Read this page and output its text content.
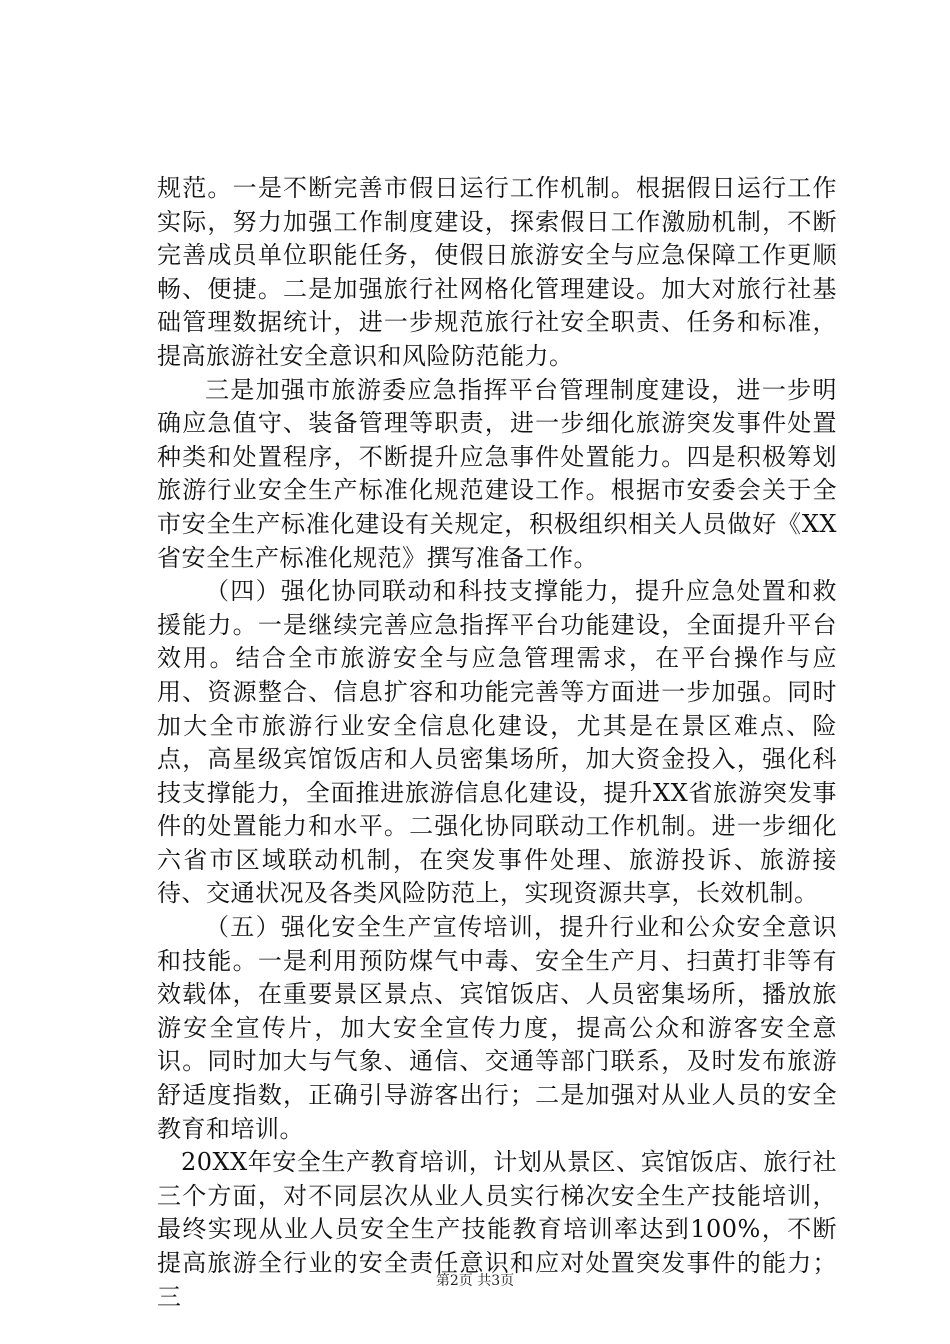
规范。一是不断完善市假日运行工作机制。根据假日运行工作实际，努力加强工作制度建设，探索假日工作激励机制，不断完善成员单位职能任务，使假日旅游安全与应急保障工作更顺畅、便捷。二是加强旅行社网格化管理建设。加大对旅行社基础管理数据统计，进一步规范旅行社安全职责、任务和标准，提高旅游社安全意识和风险防范能力。

三是加强市旅游委应急指挥平台管理制度建设，进一步明确应急值守、装备管理等职责，进一步细化旅游突发事件处置种类和处置程序，不断提升应急事件处置能力。四是积极筹划旅游行业安全生产标准化规范建设工作。根据市安委会关于全市安全生产标准化建设有关规定，积极组织相关人员做好《XX省安全生产标准化规范》撰写准备工作。

（四）强化协同联动和科技支撑能力，提升应急处置和救援能力。一是继续完善应急指挥平台功能建设，全面提升平台效用。结合全市旅游安全与应急管理需求，在平台操作与应用、资源整合、信息扩容和功能完善等方面进一步加强。同时加大全市旅游行业安全信息化建设，尤其是在景区难点、险点，高星级宾馆饭店和人员密集场所，加大资金投入，强化科技支撑能力，全面推进旅游信息化建设，提升XX省旅游突发事件的处置能力和水平。二强化协同联动工作机制。进一步细化六省市区域联动机制，在突发事件处理、旅游投诉、旅游接待、交通状况及各类风险防范上，实现资源共享，长效机制。

（五）强化安全生产宣传培训，提升行业和公众安全意识和技能。一是利用预防煤气中毒、安全生产月、扫黄打非等有效载体，在重要景区景点、宾馆饭店、人员密集场所，播放旅游安全宣传片，加大安全宣传力度，提高公众和游客安全意识。同时加大与气象、通信、交通等部门联系，及时发布旅游舒适度指数，正确引导游客出行；二是加强对从业人员的安全教育和培训。

20XX年安全生产教育培训，计划从景区、宾馆饭店、旅行社三个方面，对不同层次从业人员实行梯次安全生产技能培训，最终实现从业人员安全生产技能教育培训率达到100%，不断提高旅游全行业的安全责任意识和应对处置突发事件的能力；三

第2页 共3页
